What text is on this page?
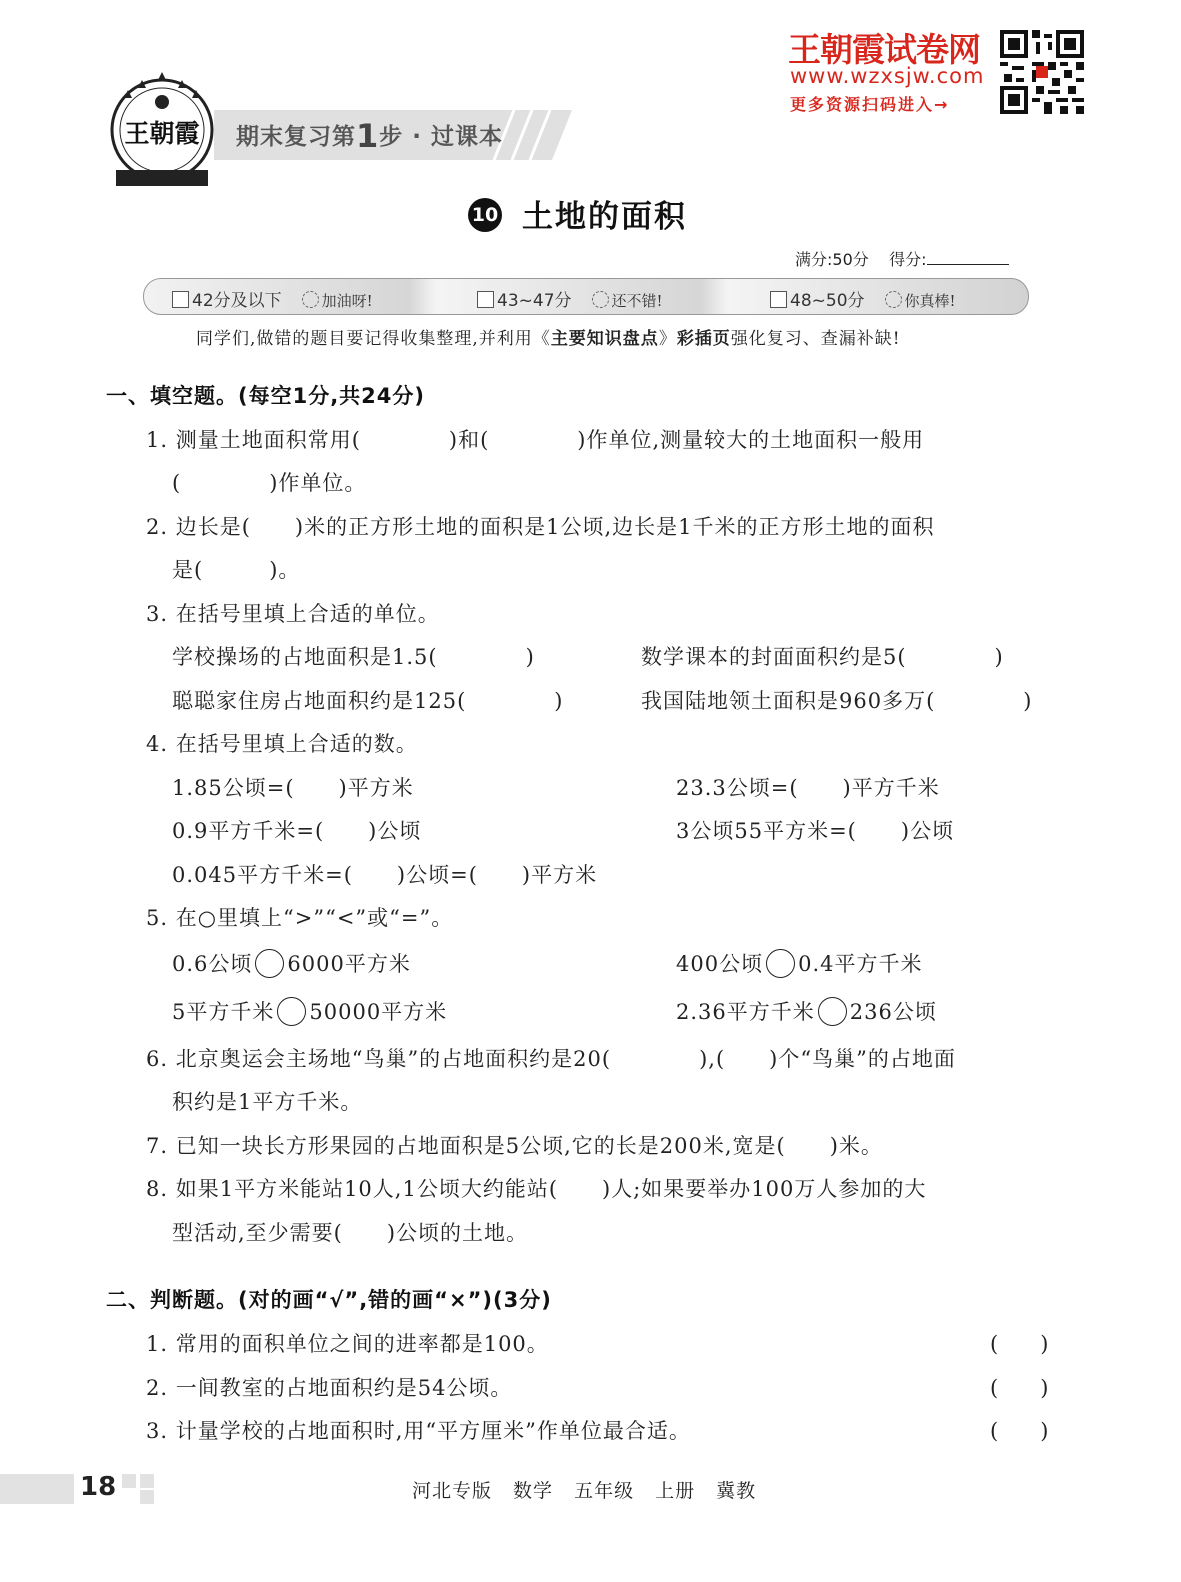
王朝霞 期末复习第1步 · 过课本
王朝霞试卷网
www.wzxsjw.com
更多资源扫码进入→
10 土地的面积
满分:50分 得分:
42分及以下	加油呀!	43~47分	还不错!	48~50分	你真棒!
同学们,做错的题目要记得收集整理,并利用《主要知识盘点》彩插页强化复习、查漏补缺!
一、填空题。(每空1分,共24分)
1. 测量土地面积常用(　　　　)和(　　　　)作单位,测量较大的土地面积一般用
(　　　　)作单位。
2. 边长是(　　)米的正方形土地的面积是1公顷,边长是1千米的正方形土地的面积
是(　　　)。
3. 在括号里填上合适的单位。
学校操场的占地面积是1.5(　　　　)	数学课本的封面面积约是5(　　　　)
聪聪家住房占地面积约是125(　　　　)	我国陆地领土面积是960多万(　　　　)
4. 在括号里填上合适的数。
1.85公顷=(　　)平方米	23.3公顷=(　　)平方千米
0.9平方千米=(　　)公顷	3公顷55平方米=(　　)公顷
0.045平方千米=(　　)公顷=(　　)平方米
5. 在○里填上“>”“<”或“=”。
0.6公顷 6000平方米	400公顷 0.4平方千米
5平方千米 50000平方米	2.36平方千米 236公顷
6. 北京奥运会主场地“鸟巢”的占地面积约是20(　　　　),(　　)个“鸟巢”的占地面
积约是1平方千米。
7. 已知一块长方形果园的占地面积是5公顷,它的长是200米,宽是(　　)米。
8. 如果1平方米能站10人,1公顷大约能站(　　)人;如果要举办100万人参加的大
型活动,至少需要(　　)公顷的土地。
二、判断题。(对的画“√”,错的画“×”)(3分)
1. 常用的面积单位之间的进率都是100。	(　　)
2. 一间教室的占地面积约是54公顷。	(　　)
3. 计量学校的占地面积时,用“平方厘米”作单位最合适。	(　　)
18	河北专版 数学 五年级 上册 冀教
